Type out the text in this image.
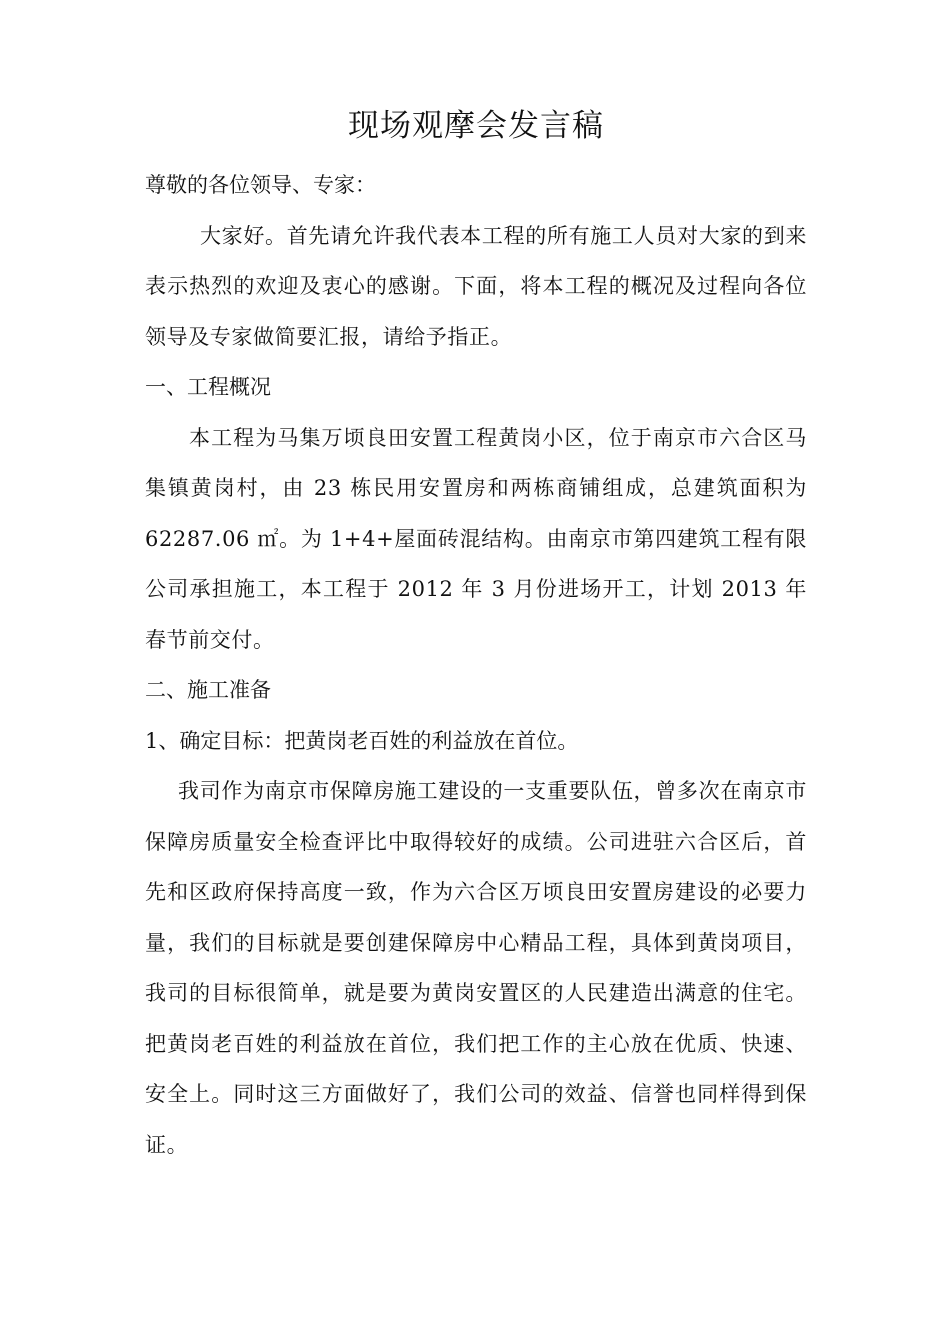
现场观摩会发言稿

尊敬的各位领导、专家：

大家好。首先请允许我代表本工程的所有施工人员对大家的到来表示热烈的欢迎及衷心的感谢。下面，将本工程的概况及过程向各位领导及专家做简要汇报，请给予指正。

一、工程概况

本工程为马集万顷良田安置工程黄岗小区，位于南京市六合区马集镇黄岗村，由 23 栋民用安置房和两栋商铺组成，总建筑面积为 62287.06 ㎡。为 1+4+屋面砖混结构。由南京市第四建筑工程有限公司承担施工，本工程于 2012 年 3 月份进场开工，计划 2013 年春节前交付。

二、施工准备

1、确定目标：把黄岗老百姓的利益放在首位。

我司作为南京市保障房施工建设的一支重要队伍，曾多次在南京市保障房质量安全检查评比中取得较好的成绩。公司进驻六合区后，首先和区政府保持高度一致，作为六合区万顷良田安置房建设的必要力量，我们的目标就是要创建保障房中心精品工程，具体到黄岗项目，我司的目标很简单，就是要为黄岗安置区的人民建造出满意的住宅。把黄岗老百姓的利益放在首位，我们把工作的主心放在优质、快速、安全上。同时这三方面做好了，我们公司的效益、信誉也同样得到保证。
